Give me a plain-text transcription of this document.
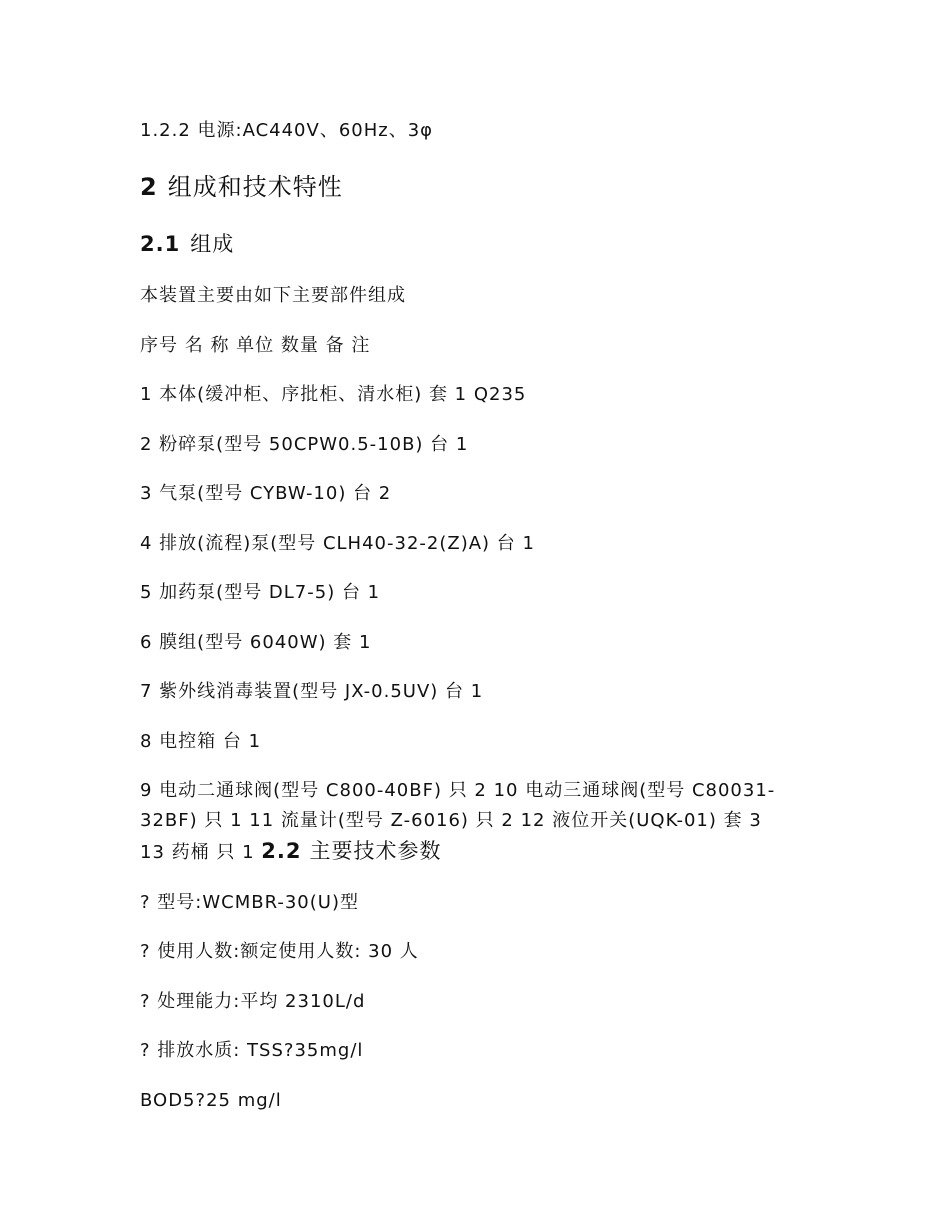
1.2.2 电源:AC440V、60Hz、3φ
2 组成和技术特性
2.1 组成
本装置主要由如下主要部件组成
序号 名 称 单位 数量 备 注
1 本体(缓冲柜、序批柜、清水柜) 套 1 Q235
2 粉碎泵(型号 50CPW0.5-10B) 台 1
3 气泵(型号 CYBW-10) 台 2
4 排放(流程)泵(型号 CLH40-32-2(Z)A) 台 1
5 加药泵(型号 DL7-5) 台 1
6 膜组(型号 6040W) 套 1
7 紫外线消毒装置(型号 JX-0.5UV) 台 1
8 电控箱 台 1
9 电动二通球阀(型号 C800-40BF) 只 2 10 电动三通球阀(型号 C80031-32BF) 只 1 11 流量计(型号 Z-6016) 只 2 12 液位开关(UQK-01) 套 3 13 药桶 只 1 2.2 主要技术参数
? 型号:WCMBR-30(U)型
? 使用人数:额定使用人数: 30 人
? 处理能力:平均 2310L/d
? 排放水质: TSS?35mg/l
BOD5?25 mg/l
